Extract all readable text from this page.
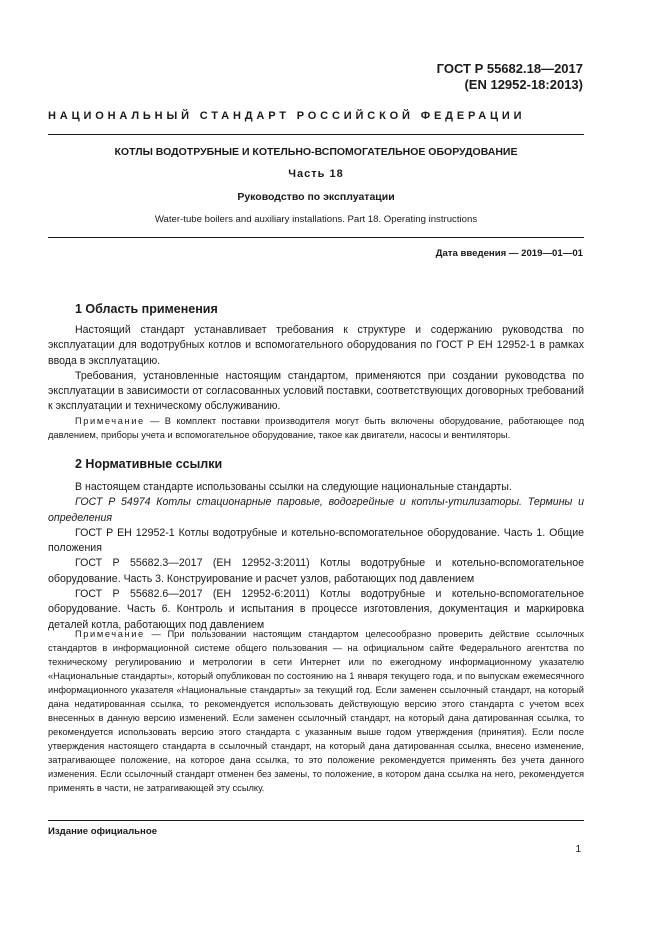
ГОСТ Р 55682.18—2017
(EN 12952-18:2013)
НАЦИОНАЛЬНЫЙ СТАНДАРТ РОССИЙСКОЙ ФЕДЕРАЦИИ
КОТЛЫ ВОДОТРУБНЫЕ И КОТЕЛЬНО-ВСПОМОГАТЕЛЬНОЕ ОБОРУДОВАНИЕ
Часть 18
Руководство по эксплуатации
Water-tube boilers and auxiliary installations. Part 18. Operating instructions
Дата введения — 2019—01—01
1 Область применения

Настоящий стандарт устанавливает требования к структуре и содержанию руководства по эксплуатации для водотрубных котлов и вспомогательного оборудования по ГОСТ Р ЕН 12952-1 в рамках ввода в эксплуатацию.

Требования, установленные настоящим стандартом, применяются при создании руководства по эксплуатации в зависимости от согласованных условий поставки, соответствующих договорных требований к эксплуатации и техническому обслуживанию.

Примечание — В комплект поставки производителя могут быть включены оборудование, работающее под давлением, приборы учета и вспомогательное оборудование, такое как двигатели, насосы и вентиляторы.

2 Нормативные ссылки

В настоящем стандарте использованы ссылки на следующие национальные стандарты.

ГОСТ Р 54974 Котлы стационарные паровые, водогрейные и котлы-утилизаторы. Термины и определения

ГОСТ Р ЕН 12952-1 Котлы водотрубные и котельно-вспомогательное оборудование. Часть 1. Общие положения

ГОСТ Р 55682.3—2017 (ЕН 12952-3:2011) Котлы водотрубные и котельно-вспомогательное оборудование. Часть 3. Конструирование и расчет узлов, работающих под давлением

ГОСТ Р 55682.6—2017 (ЕН 12952-6:2011) Котлы водотрубные и котельно-вспомогательное оборудование. Часть 6. Контроль и испытания в процессе изготовления, документация и маркировка деталей котла, работающих под давлением

Примечание — При пользовании настоящим стандартом целесообразно проверить действие ссылочных стандартов в информационной системе общего пользования — на официальном сайте Федерального агентства по техническому регулированию и метрологии в сети Интернет или по ежегодному информационному указателю «Национальные стандарты», который опубликован по состоянию на 1 января текущего года, и по выпускам ежемесячного информационного указателя «Национальные стандарты» за текущий год. Если заменен ссылочный стандарт, на который дана недатированная ссылка, то рекомендуется использовать действующую версию этого стандарта с учетом всех внесенных в данную версию изменений. Если заменен ссылочный стандарт, на который дана датированная ссылка, то рекомендуется использовать версию этого стандарта с указанным выше годом утверждения (принятия). Если после утверждения настоящего стандарта в ссылочный стандарт, на который дана датированная ссылка, внесено изменение, затрагивающее положение, на которое дана ссылка, то это положение рекомендуется применять без учета данного изменения. Если ссылочный стандарт отменен без замены, то положение, в котором дана ссылка на него, рекомендуется применять в части, не затрагивающей эту ссылку.

Издание официальное
1
